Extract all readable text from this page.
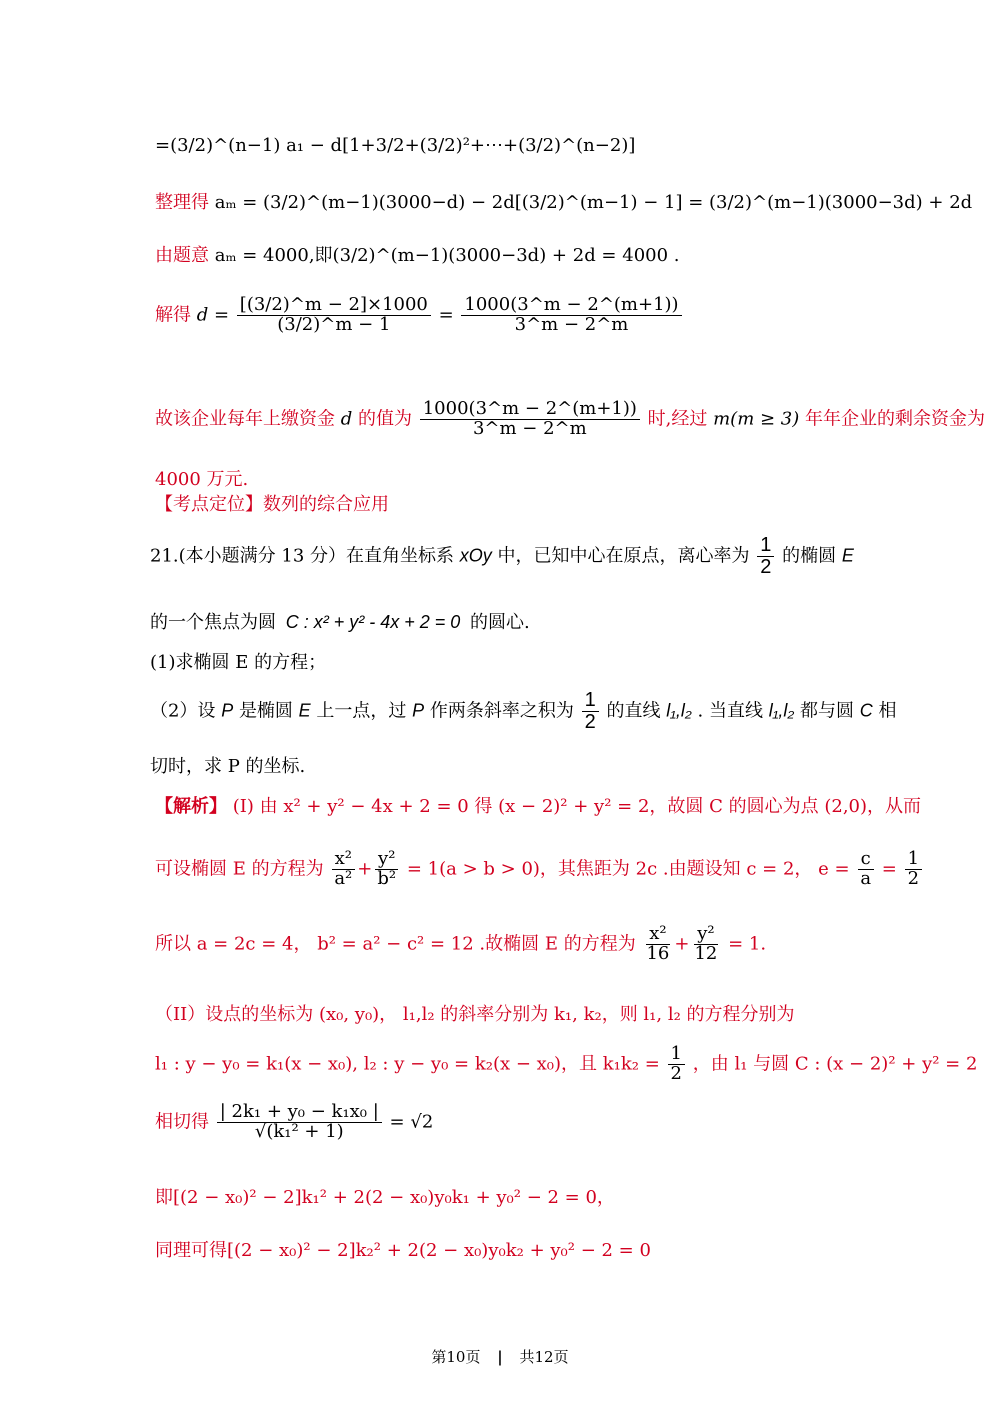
=(3/2)^(n−1) a₁ − d[1+3/2+(3/2)²+⋯+(3/2)^(n−2)]
整理得 aₘ = (3/2)^(m−1)(3000−d) − 2d[(3/2)^(m−1) − 1] = (3/2)^(m−1)(3000−3d) + 2d
由题意 aₘ = 4000,即(3/2)^(m−1)(3000−3d) + 2d = 4000 .
解得 $d = \frac{[(3/2)\^{}m - 2]\times 1000}{(3/2)\^{}m - 1} = \frac{1000(3\^{}m - 2\^{}(m+1))}{3\^{}m - 2\^{}m}$
故该企业每年上缴资金 d 的值为 $\frac{1000(3\^{}m - 2\^{}(m+1))}{3\^{}m - 2\^{}m}$ 时,经过 m(m ≥ 3) 年年企业的剩余资金为
4000 万元.
【考点定位】数列的综合应用
21.(本小题满分 13 分）在直角坐标系 xOy 中，已知中心在原点，离心率为 $\frac{1}{2}$ 的椭圆 E
的一个焦点为圆 C : x² + y² - 4x + 2 = 0 的圆心.
(1)求椭圆 E 的方程；
（2）设 P 是椭圆 E 上一点，过 P 作两条斜率之积为 $\frac{1}{2}$ 的直线 l₁,l₂ . 当直线 l₁,l₂ 都与圆 C 相
切时，求 P 的坐标.
【解析】 (I) 由 x² + y² − 4x + 2 = 0 得 (x − 2)² + y² = 2，故圆 C 的圆心为点 (2,0)，从而
可设椭圆 E 的方程为 $\frac{\text{x²}}{\text{a²}} + \frac{\text{y²}}{\text{b²}} = 1(a > b > 0)$，其焦距为 2c .由题设知 c = 2， $e = \frac{c}{a} = \frac{1}{2}$
所以 a = 2c = 4， b² = a² − c² = 12 .故椭圆 E 的方程为 $\frac{\text{x²}}{16} + \frac{\text{y²}}{12} = 1$.
（II）设点的坐标为 (x₀, y₀)， l₁,l₂ 的斜率分别为 k₁, k₂，则 l₁, l₂ 的方程分别为
l₁ : y − y₀ = k₁(x − x₀), l₂ : y − y₀ = k₂(x − x₀)，且 $k_1k_2 = \frac{1}{2}$ ，由 l₁ 与圆 C : (x − 2)² + y² = 2
相切得 $\frac{\text{| 2k₁ + y₀ − k₁x₀ |}}{\text{√(k₁² + 1)}} = √2$
即[(2 − x₀)² − 2]k₁² + 2(2 − x₀)y₀k₁ + y₀² − 2 = 0，
同理可得[(2 − x₀)² − 2]k₂² + 2(2 − x₀)y₀k₂ + y₀² − 2 = 0
第10页 | 共12页
